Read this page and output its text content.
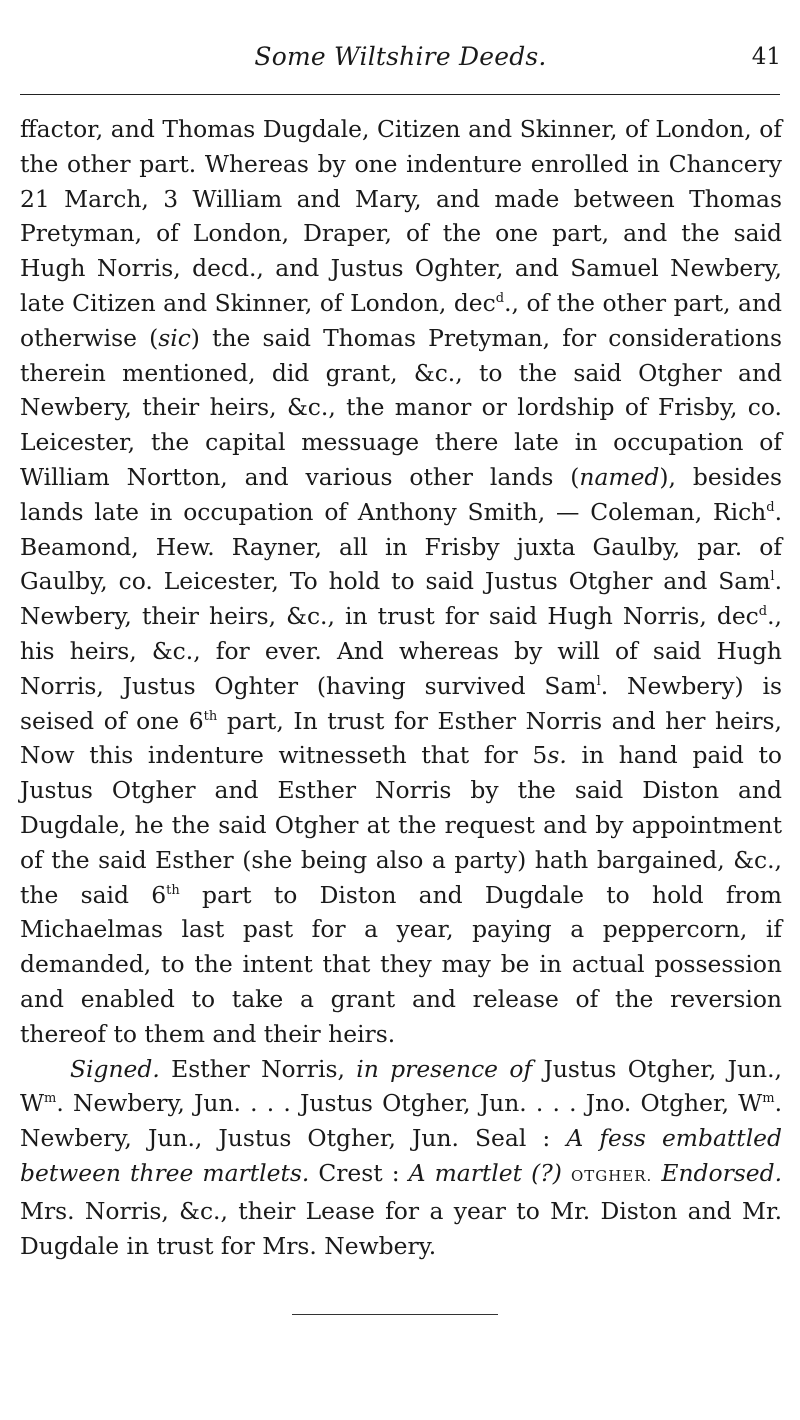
Some Wiltshire Deeds.	41

ffactor, and Thomas Dugdale, Citizen and Skinner, of London, of the other part. Whereas by one indenture enrolled in Chancery 21 March, 3 William and Mary, and made between Thomas Pretyman, of London, Draper, of the one part, and the said Hugh Norris, decd., and Justus Oghter, and Samuel Newbery, late Citizen and Skinner, of London, dec$^d$., of the other part, and otherwise (sic) the said Thomas Pretyman, for considerations therein mentioned, did grant, &c., to the said Otgher and Newbery, their heirs, &c., the manor or lordship of Frisby, co. Leicester, the capital messuage there late in occupation of William Nortton, and various other lands (named), besides lands late in occupation of Anthony Smith, — Coleman, Rich$^d$. Beamond, Hew. Rayner, all in Frisby juxta Gaulby, par. of Gaulby, co. Leicester, To hold to said Justus Otgher and Sam$^l$. Newbery, their heirs, &c., in trust for said Hugh Norris, dec$^d$., his heirs, &c., for ever. And whereas by will of said Hugh Norris, Justus Oghter (having survived Sam$^l$. Newbery) is seised of one 6th part, In trust for Esther Norris and her heirs, Now this indenture witnesseth that for 5s. in hand paid to Justus Otgher and Esther Norris by the said Diston and Dugdale, he the said Otgher at the request and by appointment of the said Esther (she being also a party) hath bargained, &c., the said 6th part to Diston and Dugdale to hold from Michaelmas last past for a year, paying a peppercorn, if demanded, to the intent that they may be in actual possession and enabled to take a grant and release of the reversion thereof to them and their heirs.

Signed. Esther Norris, in presence of Justus Otgher, Jun., $W^m$. Newbery, Jun. . . . Justus Otgher, Jun. . . . Jno. Otgher, $W^m$. Newbery, Jun., Justus Otgher, Jun. Seal : A fess embattled between three martlets. Crest : A martlet (?) OTGHER. Endorsed. Mrs. Norris, &c., their Lease for a year to Mr. Diston and Mr. Dugdale in trust for Mrs. Newbery.
